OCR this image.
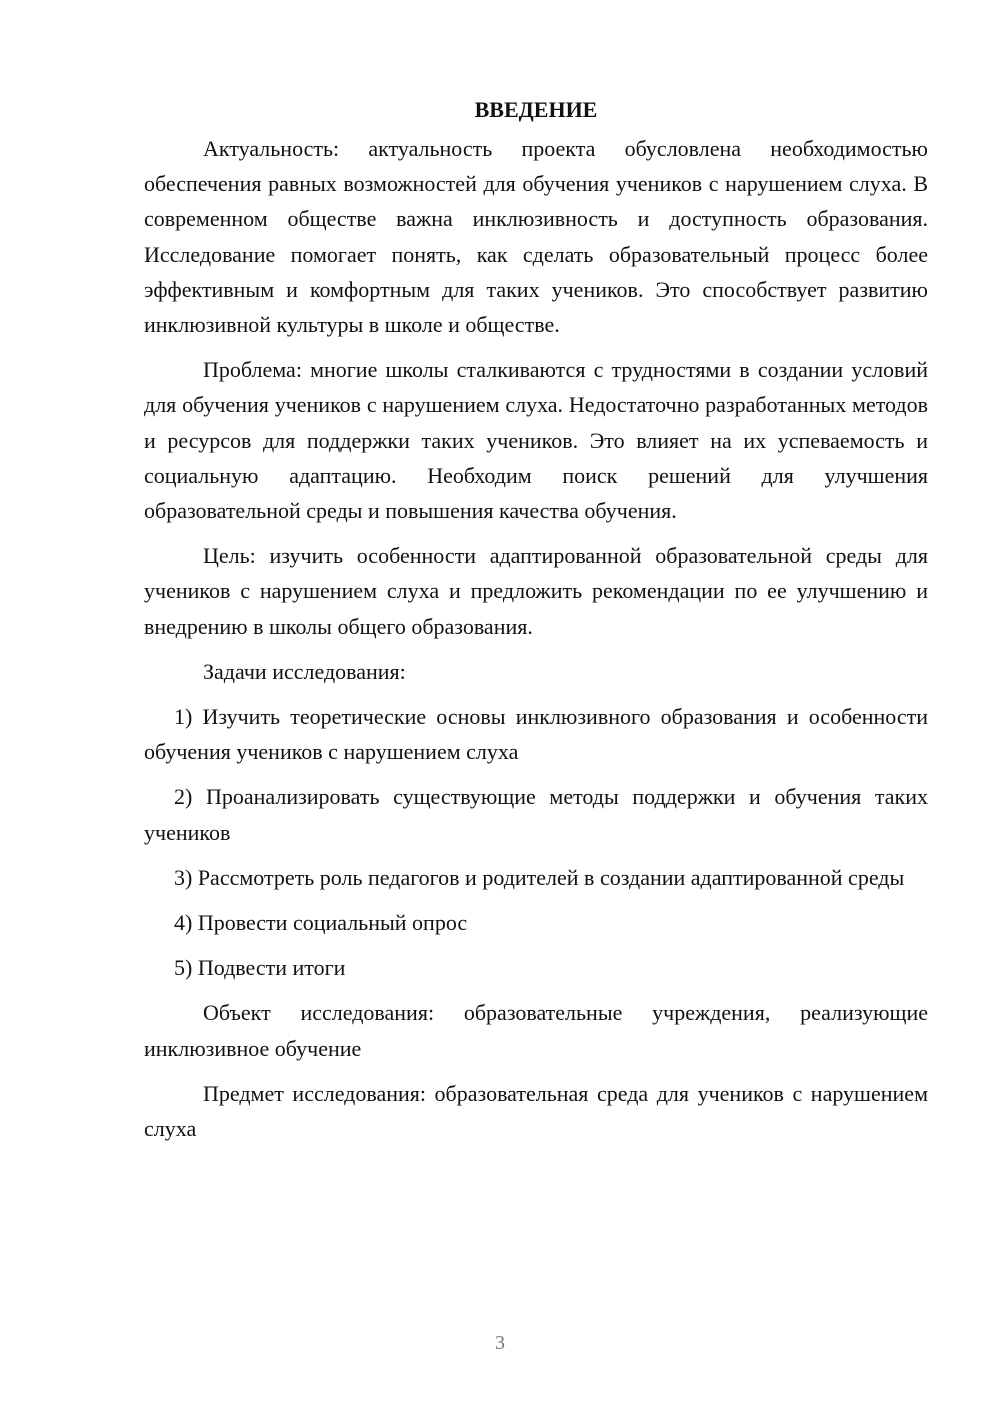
ВВЕДЕНИЕ

Актуальность: актуальность проекта обусловлена необходимостью обеспечения равных возможностей для обучения учеников с нарушением слуха. В современном обществе важна инклюзивность и доступность образования. Исследование помогает понять, как сделать образовательный процесс более эффективным и комфортным для таких учеников. Это способствует развитию инклюзивной культуры в школе и обществе.

Проблема: многие школы сталкиваются с трудностями в создании условий для обучения учеников с нарушением слуха. Недостаточно разработанных методов и ресурсов для поддержки таких учеников. Это влияет на их успеваемость и социальную адаптацию. Необходим поиск решений для улучшения образовательной среды и повышения качества обучения.

Цель: изучить особенности адаптированной образовательной среды для учеников с нарушением слуха и предложить рекомендации по ее улучшению и внедрению в школы общего образования.

Задачи исследования:

1) Изучить теоретические основы инклюзивного образования и особенности обучения учеников с нарушением слуха

2) Проанализировать существующие методы поддержки и обучения таких учеников

3) Рассмотреть роль педагогов и родителей в создании адаптированной среды

4) Провести социальный опрос

5) Подвести итоги

Объект исследования: образовательные учреждения, реализующие инклюзивное обучение

Предмет исследования: образовательная среда для учеников с нарушением слуха

3
